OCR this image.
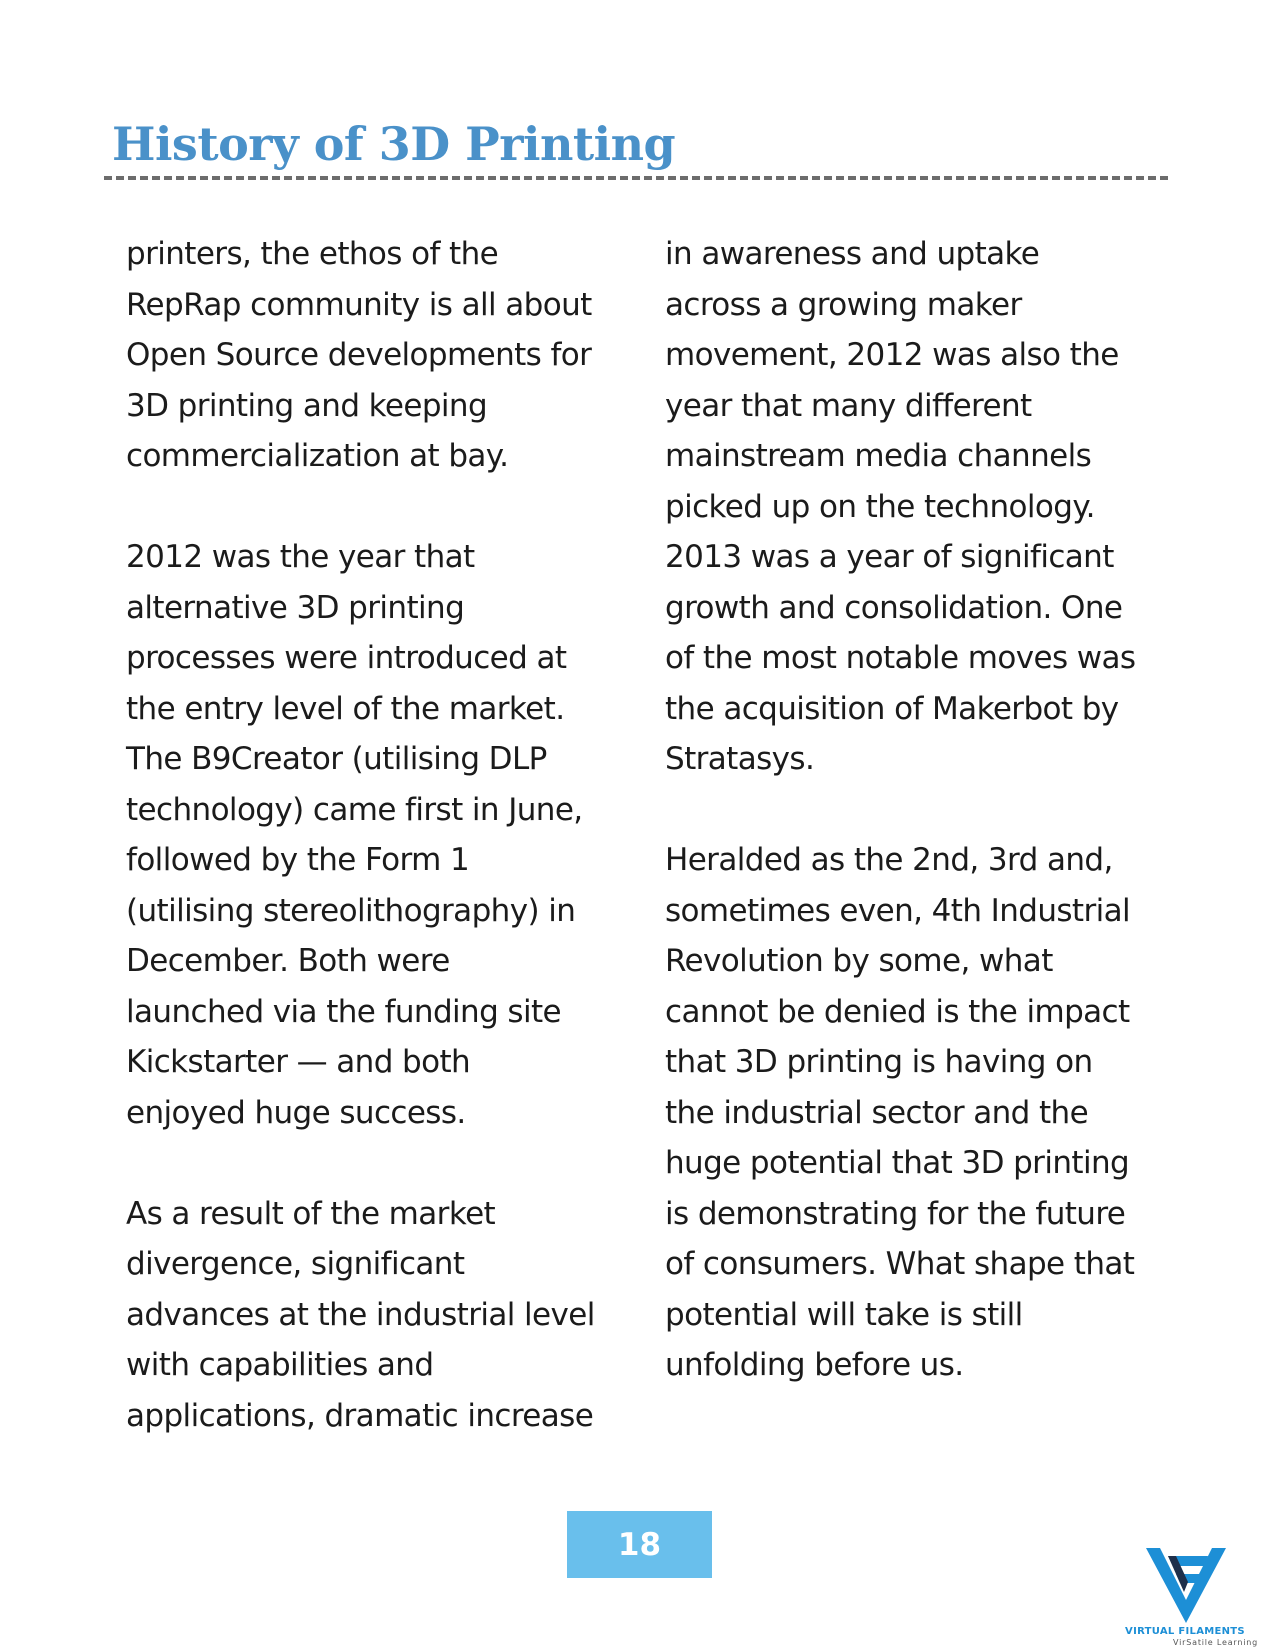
History of 3D Printing

printers, the ethos of the
RepRap community is all about
Open Source developments for
3D printing and keeping
commercialization at bay.

2012 was the year that
alternative 3D printing
processes were introduced at
the entry level of the market.
The B9Creator (utilising DLP
technology) came first in June,
followed by the Form 1
(utilising stereolithography) in
December. Both were
launched via the funding site
Kickstarter — and both
enjoyed huge success.

As a result of the market
divergence, significant
advances at the industrial level
with capabilities and
applications, dramatic increase

in awareness and uptake
across a growing maker
movement, 2012 was also the
year that many different
mainstream media channels
picked up on the technology.
2013 was a year of significant
growth and consolidation. One
of the most notable moves was
the acquisition of Makerbot by
Stratasys.

Heralded as the 2nd, 3rd and,
sometimes even, 4th Industrial
Revolution by some, what
cannot be denied is the impact
that 3D printing is having on
the industrial sector and the
huge potential that 3D printing
is demonstrating for the future
of consumers. What shape that
potential will take is still
unfolding before us.

18
VIRTUAL FILAMENTS
VirSatile Learning
